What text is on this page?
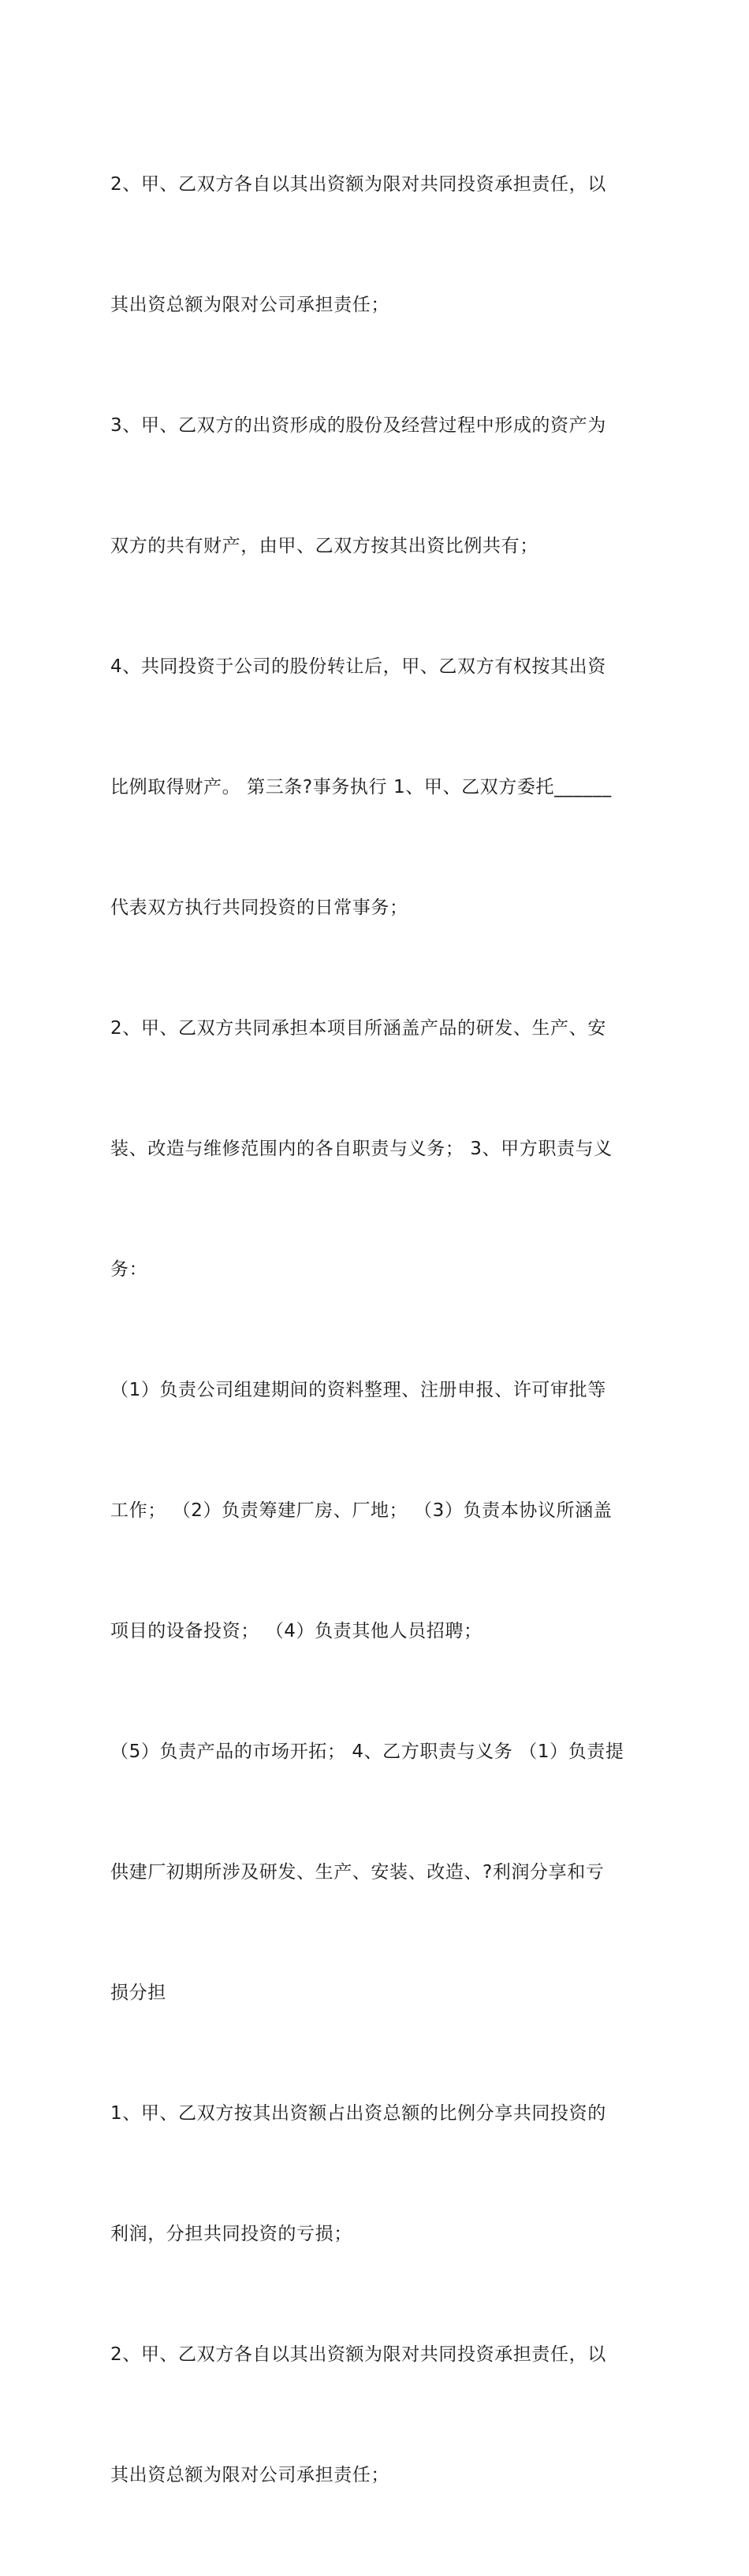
2、甲、乙双方各自以其出资额为限对共同投资承担责任，以

其出资总额为限对公司承担责任；

3、甲、乙双方的出资形成的股份及经营过程中形成的资产为

双方的共有财产，由甲、乙双方按其出资比例共有；

4、共同投资于公司的股份转让后，甲、乙双方有权按其出资

比例取得财产。 第三条?事务执行 1、甲、乙双方委托______

代表双方执行共同投资的日常事务；

2、甲、乙双方共同承担本项目所涵盖产品的研发、生产、安

装、改造与维修范围内的各自职责与义务； 3、甲方职责与义

务：

（1）负责公司组建期间的资料整理、注册申报、许可审批等

工作； （2）负责筹建厂房、厂地； （3）负责本协议所涵盖

项目的设备投资； （4）负责其他人员招聘；

（5）负责产品的市场开拓； 4、乙方职责与义务 （1）负责提

供建厂初期所涉及研发、生产、安装、改造、?利润分享和亏

损分担

1、甲、乙双方按其出资额占出资总额的比例分享共同投资的

利润，分担共同投资的亏损；

2、甲、乙双方各自以其出资额为限对共同投资承担责任，以

其出资总额为限对公司承担责任；
